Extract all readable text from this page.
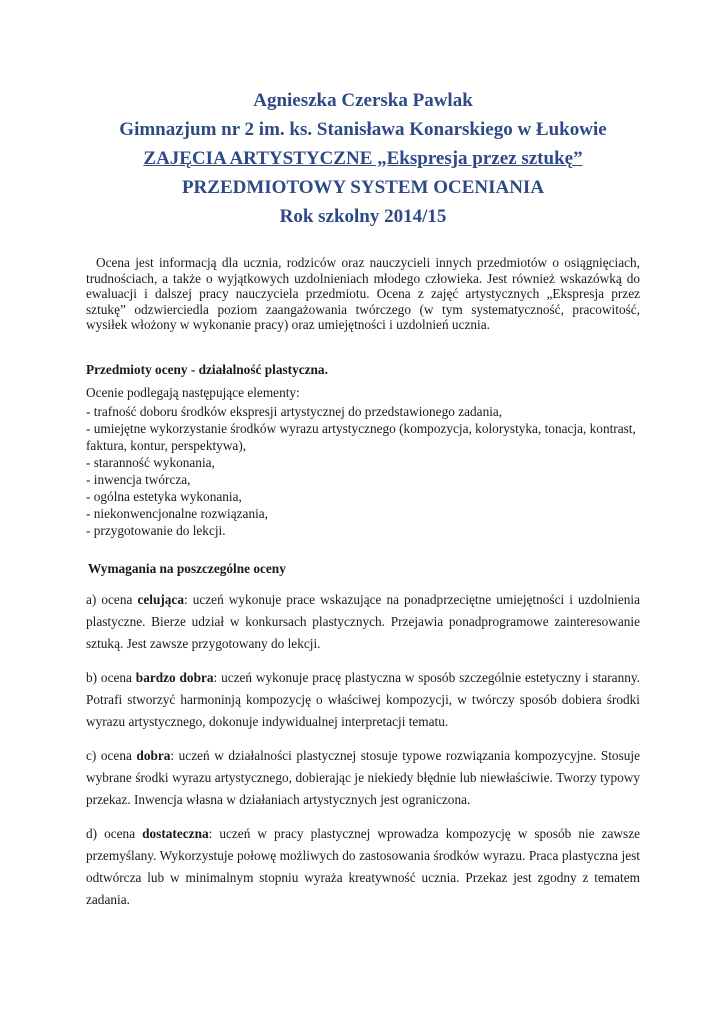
Agnieszka Czerska Pawlak
Gimnazjum nr 2 im. ks. Stanisława Konarskiego w Łukowie
ZAJĘCIA ARTYSTYCZNE „Ekspresja przez sztukę”
PRZEDMIOTOWY SYSTEM OCENIANIA
Rok szkolny 2014/15
Ocena jest informacją dla ucznia, rodziców oraz nauczycieli innych przedmiotów o osiągnięciach, trudnościach, a także o wyjątkowych uzdolnieniach młodego człowieka. Jest również wskazówką do ewaluacji i dalszej pracy nauczyciela przedmiotu. Ocena z zajęć artystycznych „Ekspresja przez sztukę” odzwierciedla poziom zaangażowania twórczego (w tym systematyczność, pracowitość, wysiłek włożony w wykonanie pracy) oraz umiejętności i uzdolnień ucznia.
Przedmioty oceny - działalność plastyczna.
Ocenie podlegają następujące elementy:
- trafność doboru środków ekspresji artystycznej do przedstawionego zadania,
- umiejętne wykorzystanie środków wyrazu artystycznego (kompozycja, kolorystyka, tonacja, kontrast, faktura, kontur, perspektywa),
- staranność wykonania,
- inwencja twórcza,
- ogólna estetyka wykonania,
- niekonwencjonalne rozwiązania,
- przygotowanie do lekcji.
Wymagania na poszczególne oceny
a) ocena celująca: uczeń wykonuje prace wskazujące na ponadprzeciętne umiejętności i uzdolnienia plastyczne. Bierze udział w konkursach plastycznych. Przejawia ponadprogramowe zainteresowanie sztuką. Jest zawsze przygotowany do lekcji.
b) ocena bardzo dobra: uczeń wykonuje pracę plastyczna w sposób szczególnie estetyczny i staranny. Potrafi stworzyć harmoninją kompozycję o właściwej kompozycji, w twórczy sposób dobiera środki wyrazu artystycznego, dokonuje indywidualnej interpretacji tematu.
c) ocena dobra: uczeń w działalności plastycznej stosuje typowe rozwiązania kompozycyjne. Stosuje wybrane środki wyrazu artystycznego, dobierając je niekiedy błędnie lub niewłaściwie. Tworzy typowy przekaz. Inwencja własna w działaniach artystycznych jest ograniczona.
d) ocena dostateczna: uczeń w pracy plastycznej wprowadza kompozycję w sposób nie zawsze przemyślany. Wykorzystuje połowę możliwych do zastosowania środków wyrazu. Praca plastyczna jest odtwórcza lub w minimalnym stopniu wyraża kreatywność ucznia. Przekaz jest zgodny z tematem zadania.
